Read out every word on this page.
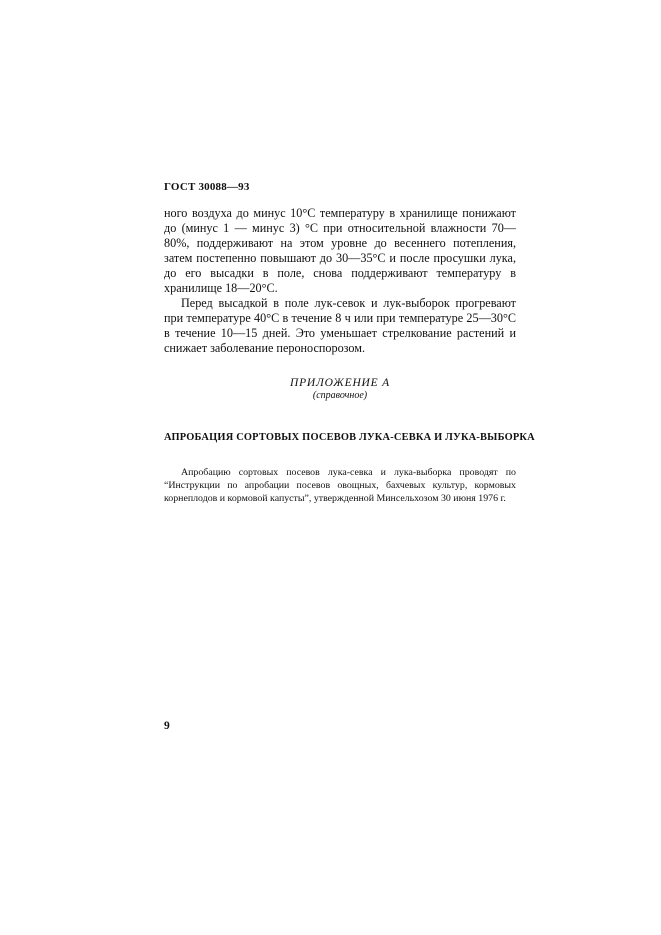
ГОСТ 30088—93

ного воздуха до минус 10°С температуру в хранилище понижают до (минус 1 — минус 3) °С при относительной влажности 70—80%, поддерживают на этом уровне до весеннего потепления, затем постепенно повышают до 30—35°С и после просушки лука, до его высадки в поле, снова поддерживают температуру в хранилище 18—20°С.

Перед высадкой в поле лук-севок и лук-выборок прогревают при температуре 40°С в течение 8 ч или при температуре 25—30°С в течение 10—15 дней. Это уменьшает стрелкование растений и снижает заболевание пероноспорозом.

ПРИЛОЖЕНИЕ А
(справочное)
АПРОБАЦИЯ СОРТОВЫХ ПОСЕВОВ ЛУКА-СЕВКА И ЛУКА-ВЫБОРКА
Апробацию сортовых посевов лука-севка и лука-выборка проводят по “Инструкции по апробации посевов овощных, бахчевых культур, кормовых корнеплодов и кормовой капусты”, утвержденной Минсельхозом 30 июня 1976 г.
9
